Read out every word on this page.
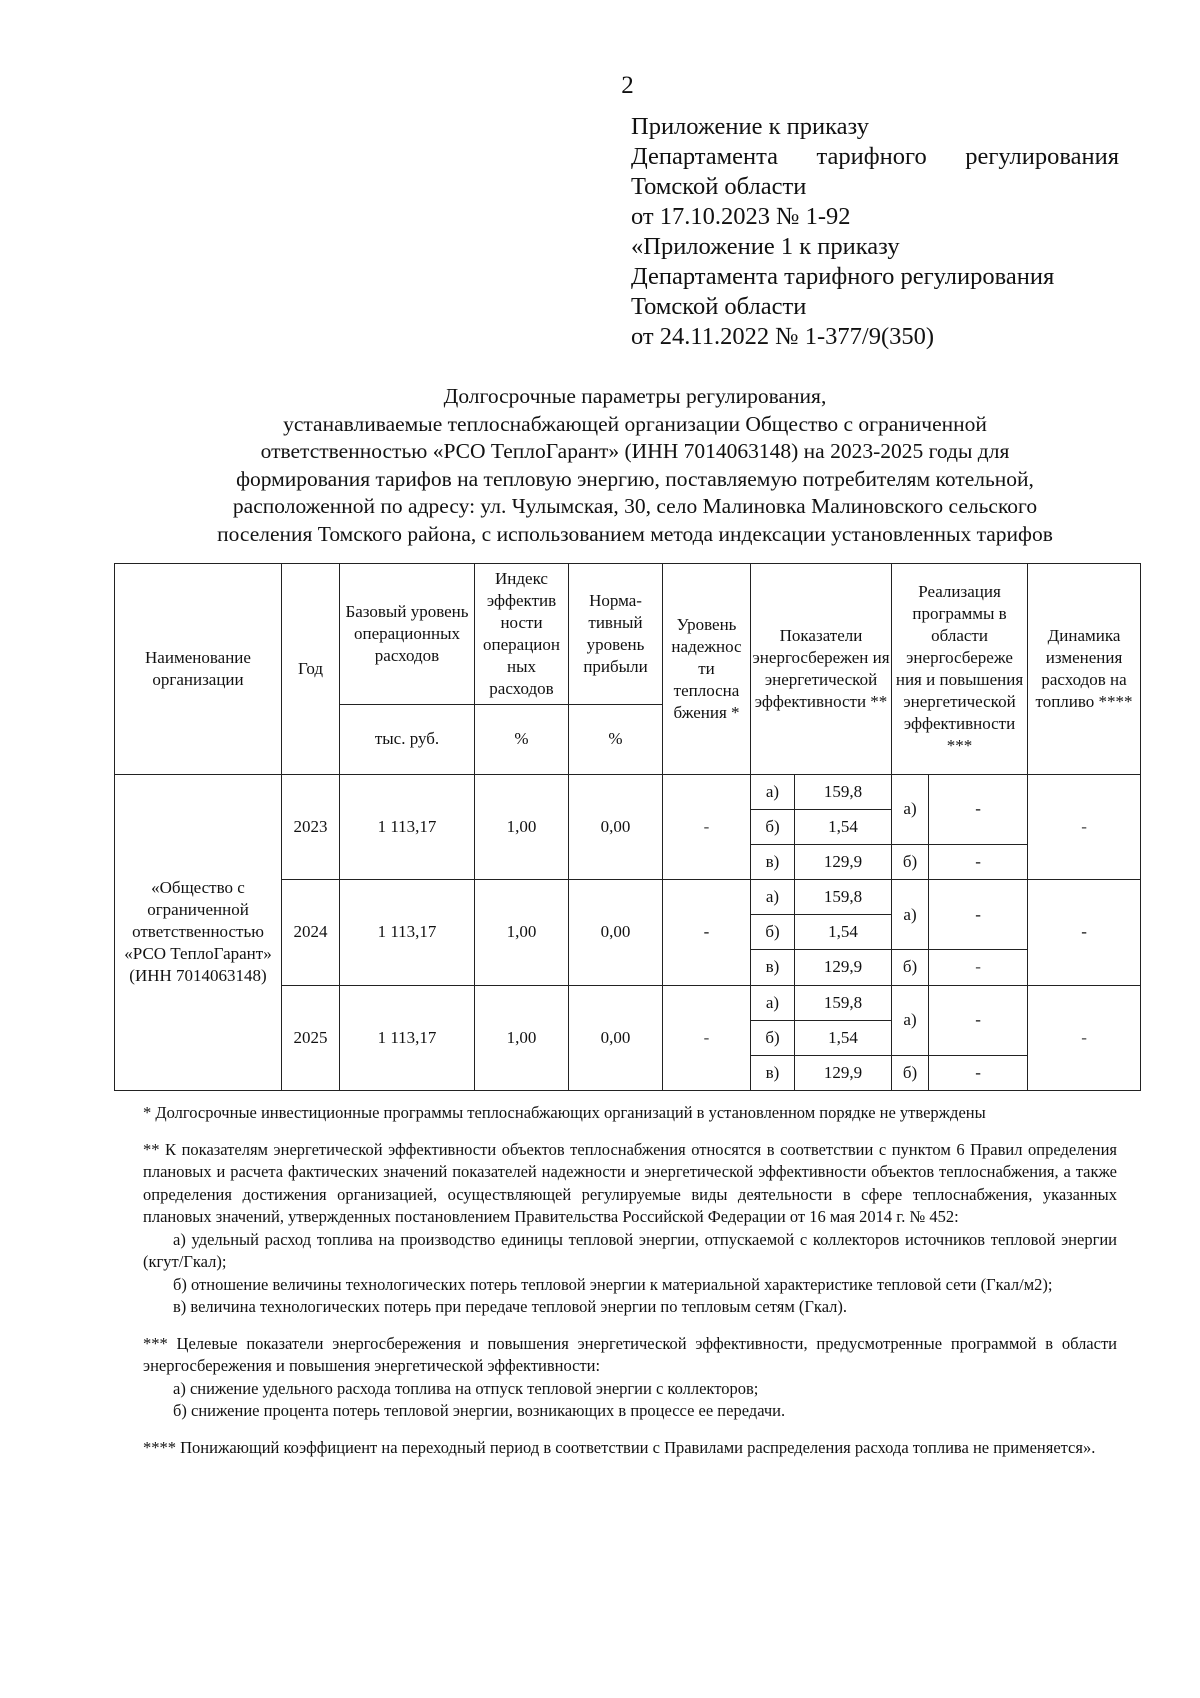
2
Приложение к приказу
Департамента тарифного регулирования
Томской области
от 17.10.2023 № 1-92
«Приложение 1 к приказу
Департамента тарифного регулирования
Томской области
от 24.11.2022 № 1-377/9(350)
Долгосрочные параметры регулирования,
устанавливаемые теплоснабжающей организации Общество с ограниченной
ответственностью «РСО ТеплоГарант» (ИНН 7014063148) на 2023-2025 годы для
формирования тарифов на тепловую энергию, поставляемую потребителям котельной,
расположенной по адресу: ул. Чулымская, 30, село Малиновка Малиновского сельского
поселения Томского района, с использованием метода индексации установленных тарифов
Наименование организации	Год	Базовый уровень операционных расходов	Индекс эффектив ности операцион ных расходов	Норма-тивный уровень прибыли	Уровень надежнос ти теплосна бжения *	Показатели энергосбережен ия энергетической эффективности **		Реализация программы в области энергосбереже ния и повышения энергетической эффективности ***		Динамика изменения расходов на топливо ****
		тыс. руб.	%	%						
«Общество с ограниченной ответственностью «РСО ТеплоГарант» (ИНН 7014063148)	2023	1 113,17	1,00	0,00	-	а)	159,8	а)	-	-
						б)	1,54			
						в)	129,9	б)	-	
	2024	1 113,17	1,00	0,00	-	а)	159,8	а)	-	-
						б)	1,54			
						в)	129,9	б)	-	
	2025	1 113,17	1,00	0,00	-	а)	159,8	а)	-	-
						б)	1,54			
						в)	129,9	б)	-	

* Долгосрочные инвестиционные программы теплоснабжающих организаций в установленном порядке не утверждены

** К показателям энергетической эффективности объектов теплоснабжения относятся в соответствии с пунктом 6 Правил определения плановых и расчета фактических значений показателей надежности и энергетической эффективности объектов теплоснабжения, а также определения достижения организацией, осуществляющей регулируемые виды деятельности в сфере теплоснабжения, указанных плановых значений, утвержденных постановлением Правительства Российской Федерации от 16 мая 2014 г. № 452:

а) удельный расход топлива на производство единицы тепловой энергии, отпускаемой с коллекторов источников тепловой энергии (кгут/Гкал);

б) отношение величины технологических потерь тепловой энергии к материальной характеристике тепловой сети (Гкал/м2);

в) величина технологических потерь при передаче тепловой энергии по тепловым сетям (Гкал).

*** Целевые показатели энергосбережения и повышения энергетической эффективности, предусмотренные программой в области энергосбережения и повышения энергетической эффективности:

а) снижение удельного расхода топлива на отпуск тепловой энергии с коллекторов;

б) снижение процента потерь тепловой энергии, возникающих в процессе ее передачи.

**** Понижающий коэффициент на переходный период в соответствии с Правилами распределения расхода топлива не применяется».
